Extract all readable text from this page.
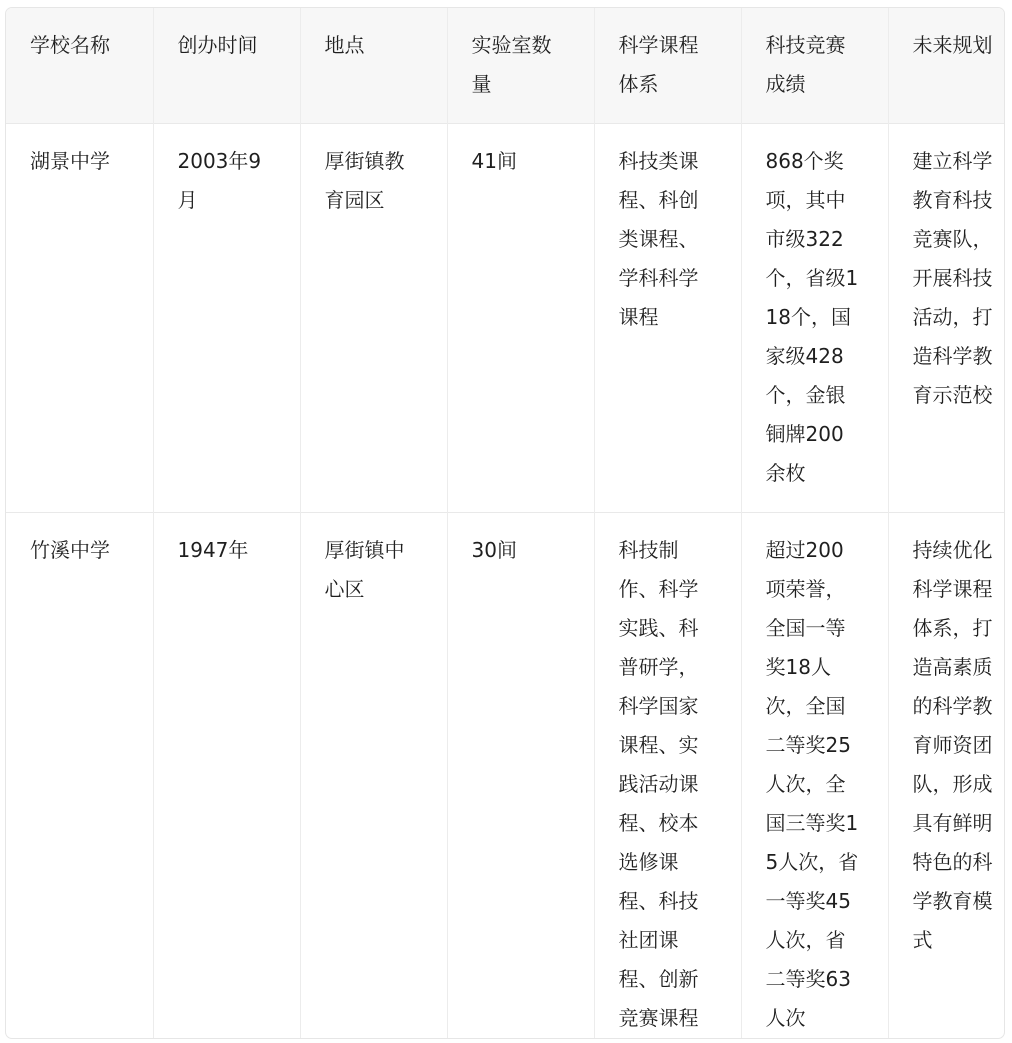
学校名称	创办时间	地点	实验室数量	科学课程体系	科技竞赛成绩	未来规划
湖景中学	2003年9月	厚街镇教育园区	41间	科技类课程、科创类课程、学科科学课程	868个奖项，其中市级322个，省级118个，国家级428个，金银铜牌200余枚	建立科学教育科技竞赛队，开展科技活动，打造科学教育示范校
竹溪中学	1947年	厚街镇中心区	30间	科技制作、科学实践、科普研学，科学国家课程、实践活动课程、校本选修课程、科技社团课程、创新竞赛课程	超过200项荣誉，全国一等奖18人次，全国二等奖25人次，全国三等奖15人次，省一等奖45人次，省二等奖63人次	持续优化科学课程体系，打造高素质的科学教育师资团队，形成具有鲜明特色的科学教育模式
